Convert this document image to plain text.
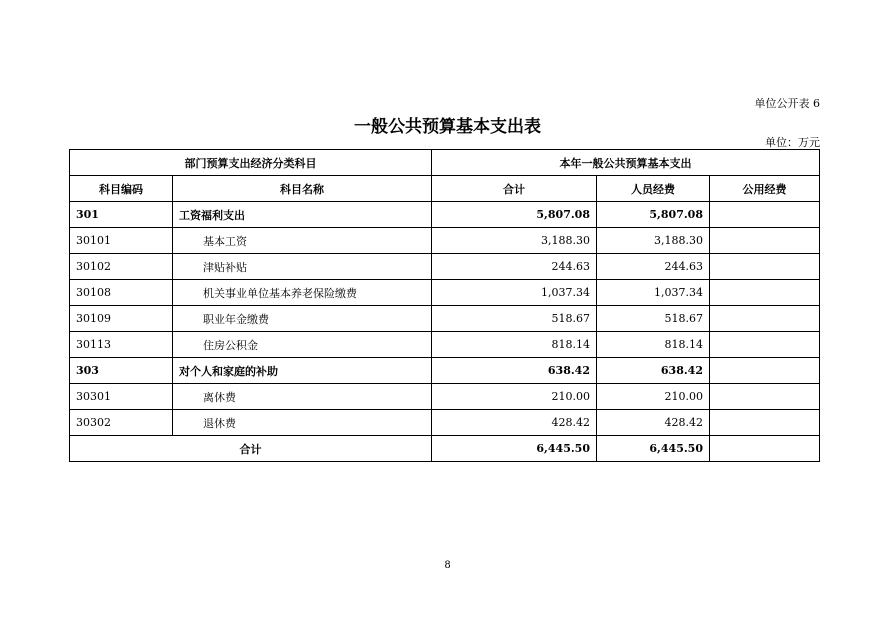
单位公开表 6
一般公共预算基本支出表
单位：万元
部门预算支出经济分类科目		本年一般公共预算基本支出		
科目编码	科目名称	合计	人员经费	公用经费
301	工资福利支出	5,807.08	5,807.08	
30101	基本工资	3,188.30	3,188.30	
30102	津贴补贴	244.63	244.63	
30108	机关事业单位基本养老保险缴费	1,037.34	1,037.34	
30109	职业年金缴费	518.67	518.67	
30113	住房公积金	818.14	818.14	
303	对个人和家庭的补助	638.42	638.42	
30301	离休费	210.00	210.00	
30302	退休费	428.42	428.42	
合计		6,445.50	6,445.50	
8
